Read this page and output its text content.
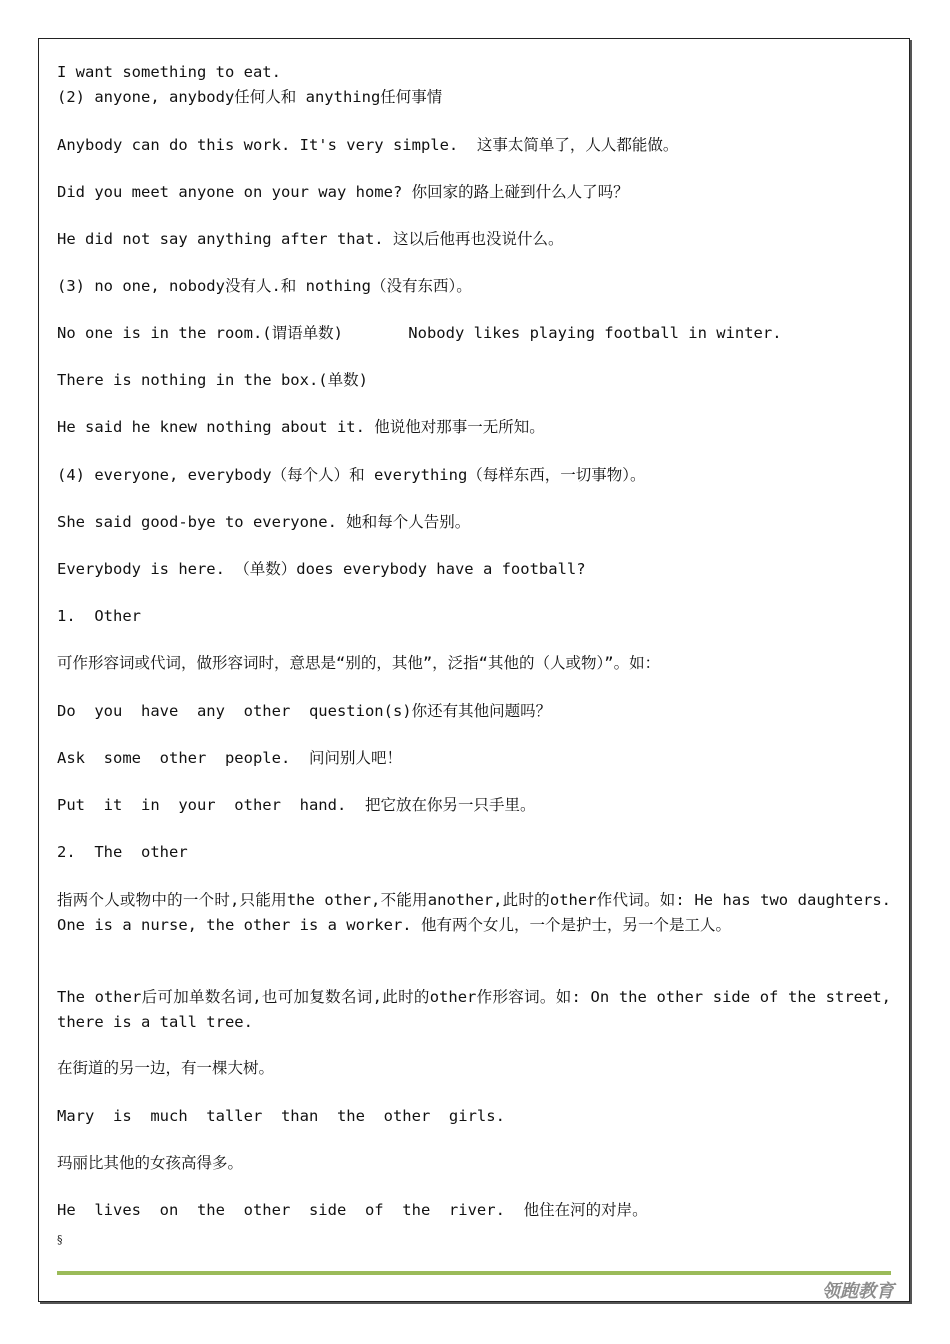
I want something to eat.
(2) anyone, anybody任何人和 anything任何事情
Anybody can do this work. It's very simple.  这事太简单了，人人都能做。
Did you meet anyone on your way home? 你回家的路上碰到什么人了吗？
He did not say anything after that. 这以后他再也没说什么。
(3) no one, nobody没有人.和 nothing（没有东西）。
No one is in the room.(谓语单数)       Nobody likes playing football in winter.
There is nothing in the box.(单数)
He said he knew nothing about it. 他说他对那事一无所知。
(4) everyone, everybody（每个人）和 everything（每样东西，一切事物）。
She said good-bye to everyone. 她和每个人告别。
Everybody is here. （单数）does everybody have a football?
1.  Other
可作形容词或代词，做形容词时，意思是“别的，其他”，泛指“其他的（人或物）”。如：
Do  you  have  any  other  question(s)你还有其他问题吗？
Ask  some  other  people.  问问别人吧！
Put  it  in  your  other  hand.  把它放在你另一只手里。
2.  The  other
指两个人或物中的一个时,只能用the other,不能用another,此时的other作代词。如: He has two daughters. One is a nurse, the other is a worker. 他有两个女儿，一个是护士，另一个是工人。
The other后可加单数名词,也可加复数名词,此时的other作形容词。如: On the other side of the street, there is a tall tree.
在街道的另一边，有一棵大树。
Mary  is  much  taller  than  the  other  girls.
玛丽比其他的女孩高得多。
He  lives  on  the  other  side  of  the  river.  他住在河的对岸。
§
领跑教育
